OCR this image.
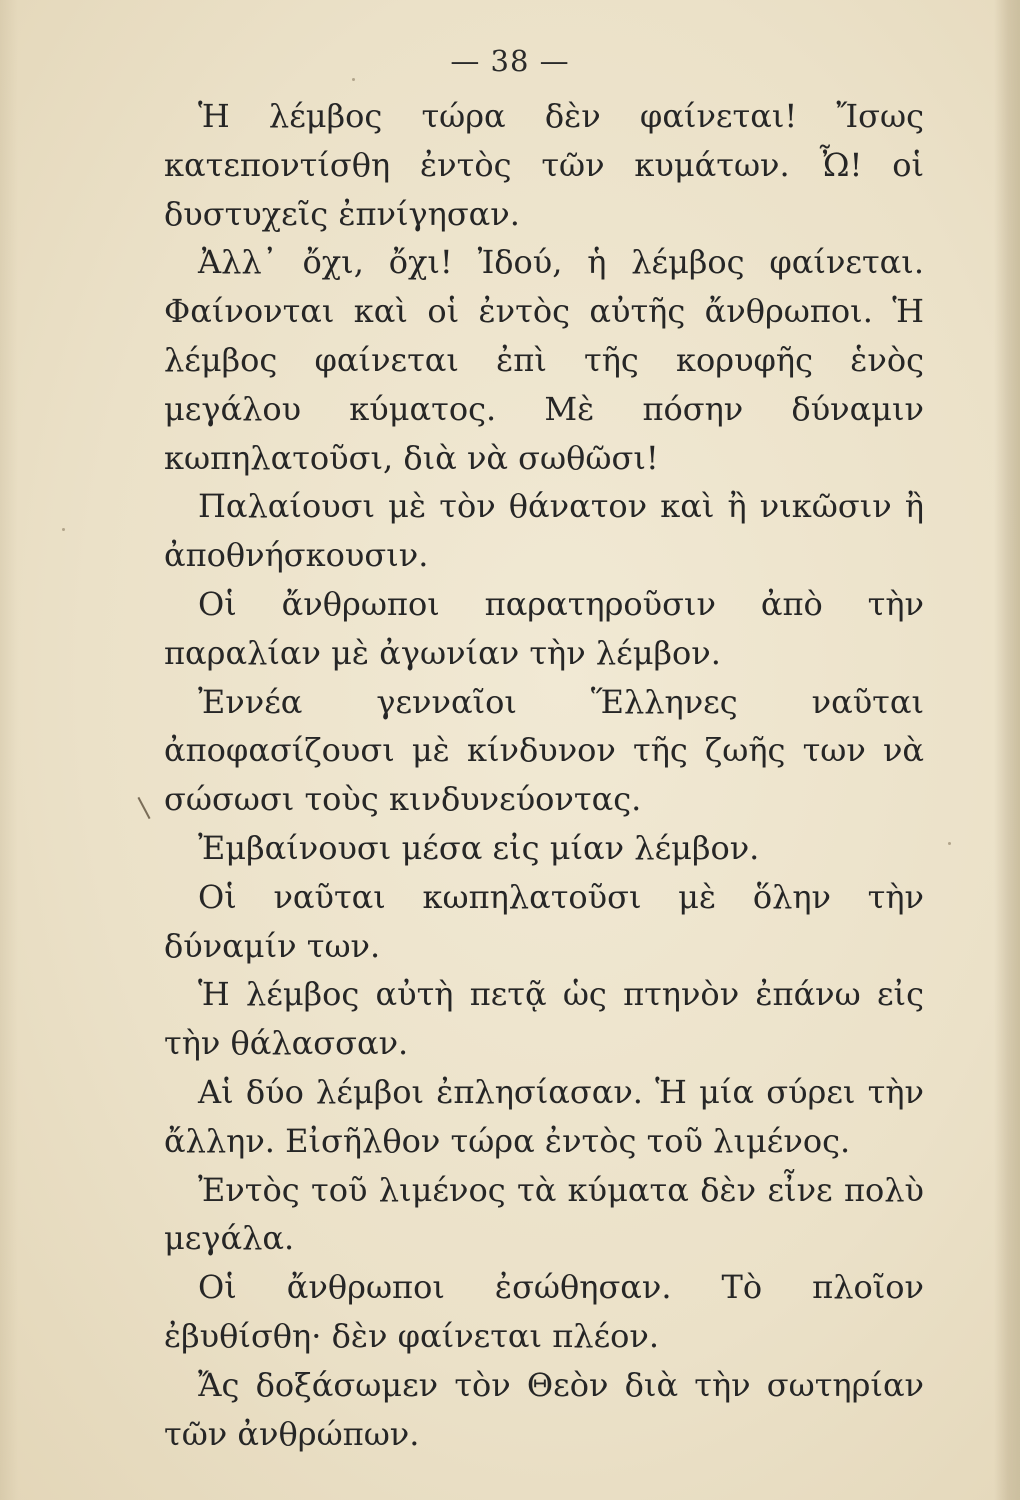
— 38 —

Ἡ λέμβος τώρα δὲν φαίνεται! Ἴσως κατεποντίσθη ἐντὸς τῶν κυμάτων. Ὦ! οἱ δυστυχεῖς ἐπνίγησαν.

Ἀλλ᾽ ὄχι, ὄχι! Ἰδού, ἡ λέμβος φαίνεται. Φαίνονται καὶ οἱ ἐντὸς αὐτῆς ἄνθρωποι. Ἡ λέμβος φαίνεται ἐπὶ τῆς κορυφῆς ἑνὸς μεγάλου κύματος. Μὲ πόσην δύναμιν κωπηλατοῦσι, διὰ νὰ σωθῶσι!

Παλαίουσι μὲ τὸν θάνατον καὶ ἢ νικῶσιν ἢ ἀποθνήσκουσιν.

Οἱ ἄνθρωποι παρατηροῦσιν ἀπὸ τὴν παραλίαν μὲ ἀγωνίαν τὴν λέμβον.

Ἐννέα γενναῖοι Ἕλληνες ναῦται ἀποφασίζουσι μὲ κίνδυνον τῆς ζωῆς των νὰ σώσωσι τοὺς κινδυνεύοντας.

Ἐμβαίνουσι μέσα εἰς μίαν λέμβον.

Οἱ ναῦται κωπηλατοῦσι μὲ ὅλην τὴν δύναμίν των.

Ἡ λέμβος αὐτὴ πετᾷ ὡς πτηνὸν ἐπάνω εἰς τὴν θάλασσαν.

Αἱ δύο λέμβοι ἐπλησίασαν. Ἡ μία σύρει τὴν ἄλλην. Εἰσῆλθον τώρα ἐντὸς τοῦ λιμένος.

Ἐντὸς τοῦ λιμένος τὰ κύματα δὲν εἶνε πολὺ μεγάλα.

Οἱ ἄνθρωποι ἐσώθησαν. Τὸ πλοῖον ἐβυθίσθη· δὲν φαίνεται πλέον.

Ἄς δοξάσωμεν τὸν Θεὸν διὰ τὴν σωτηρίαν τῶν ἀνθρώπων.
